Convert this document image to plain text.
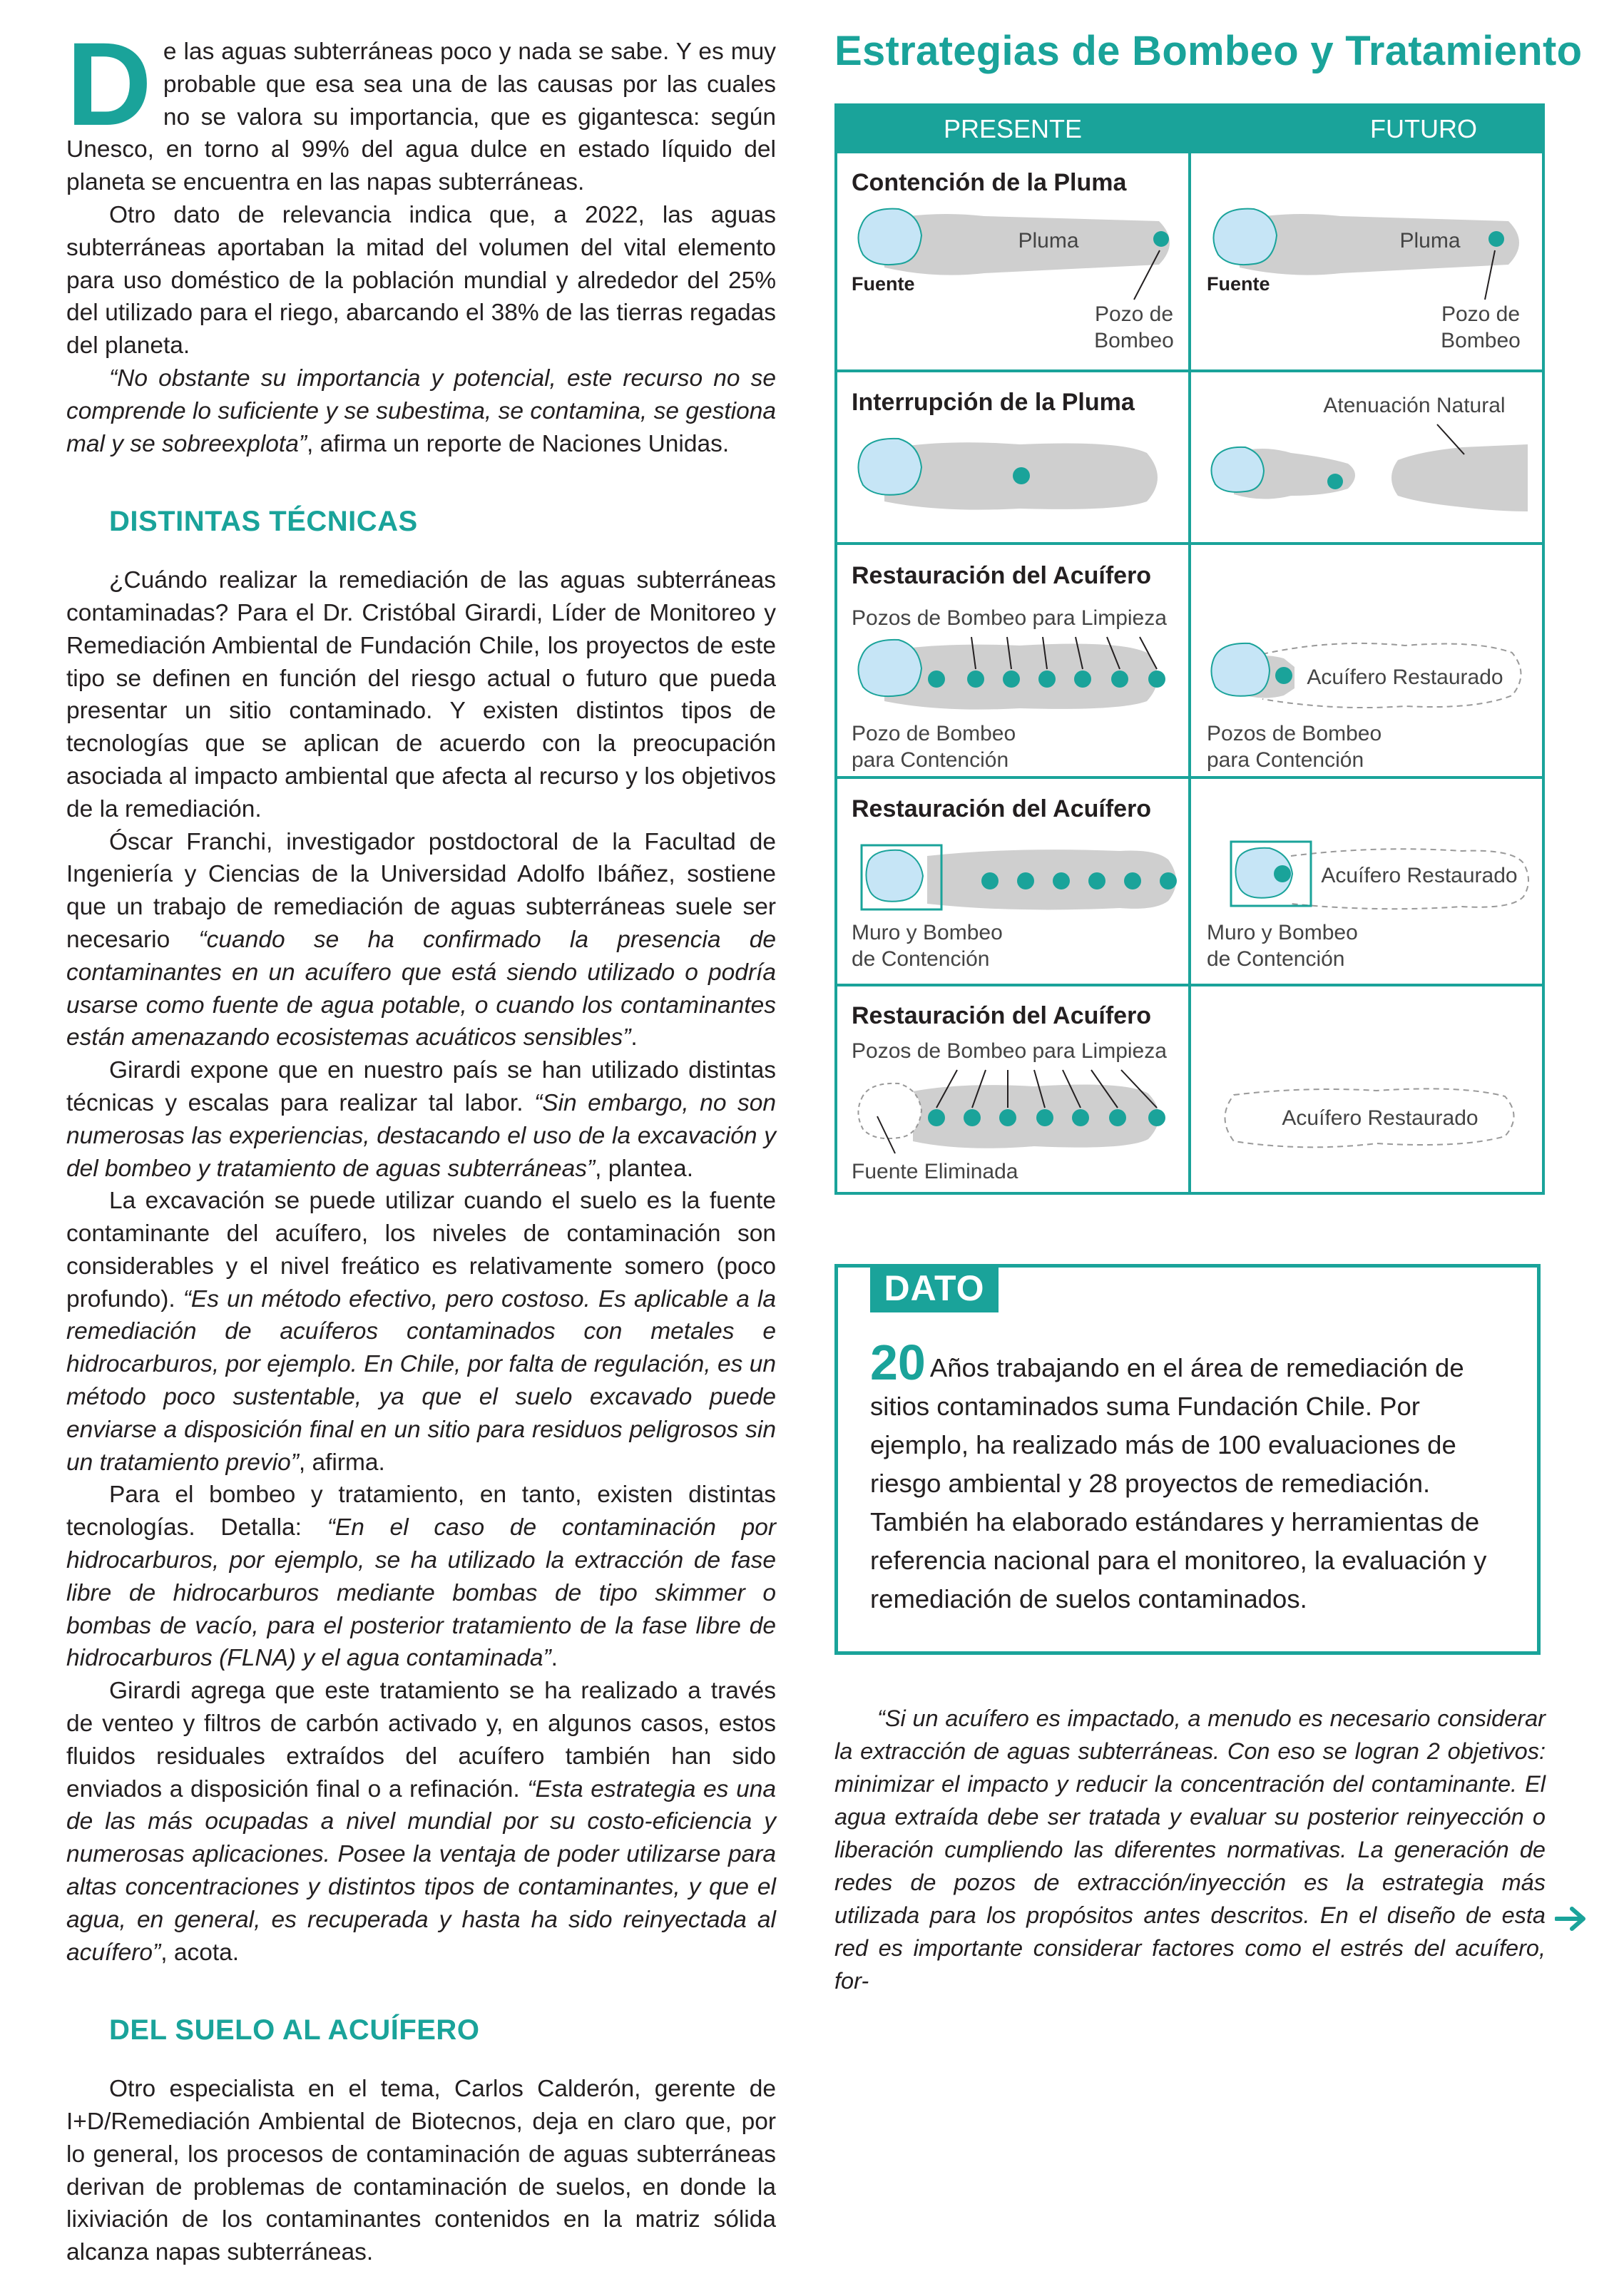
De las aguas subterráneas poco y nada se sabe. Y es muy probable que esa sea una de las causas por las cuales no se valora su importancia, que es gigantesca: según Unesco, en torno al 99% del agua dulce en estado líquido del planeta se encuentra en las napas subterráneas.

Otro dato de relevancia indica que, a 2022, las aguas subterráneas aportaban la mitad del volumen del vital elemento para uso doméstico de la población mundial y alrededor del 25% del utilizado para el riego, abarcando el 38% de las tierras regadas del planeta.

“No obstante su importancia y potencial, este recurso no se comprende lo suficiente y se subestima, se contamina, se gestiona mal y se sobreexplota”, afirma un reporte de Naciones Unidas.

DISTINTAS TÉCNICAS

¿Cuándo realizar la remediación de las aguas subterráneas contaminadas? Para el Dr. Cristóbal Girardi, Líder de Monitoreo y Remediación Ambiental de Fundación Chile, los proyectos de este tipo se definen en función del riesgo actual o futuro que pueda presentar un sitio contaminado. Y existen distintos tipos de tecnologías que se aplican de acuerdo con la preocupación asociada al impacto ambiental que afecta al recurso y los objetivos de la remediación.

Óscar Franchi, investigador postdoctoral de la Facultad de Ingeniería y Ciencias de la Universidad Adolfo Ibáñez, sostiene que un trabajo de remediación de aguas subterráneas suele ser necesario “cuando se ha confirmado la presencia de contaminantes en un acuífero que está siendo utilizado o podría usarse como fuente de agua potable, o cuando los contaminantes están amenazando ecosistemas acuáticos sensibles”.

Girardi expone que en nuestro país se han utilizado distintas técnicas y escalas para realizar tal labor. “Sin embargo, no son numerosas las experiencias, destacando el uso de la excavación y del bombeo y tratamiento de aguas subterráneas”, plantea.

La excavación se puede utilizar cuando el suelo es la fuente contaminante del acuífero, los niveles de contaminación son considerables y el nivel freático es relativamente somero (poco profundo). “Es un método efectivo, pero costoso. Es aplicable a la remediación de acuíferos contaminados con metales e hidrocarburos, por ejemplo. En Chile, por falta de regulación, es un método poco sustentable, ya que el suelo excavado puede enviarse a disposición final en un sitio para residuos peligrosos sin un tratamiento previo”, afirma.

Para el bombeo y tratamiento, en tanto, existen distintas tecnologías. Detalla: “En el caso de contaminación por hidrocarburos, por ejemplo, se ha utilizado la extracción de fase libre de hidrocarburos mediante bombas de tipo skimmer o bombas de vacío, para el posterior tratamiento de la fase libre de hidrocarburos (FLNA) y el agua contaminada”.

Girardi agrega que este tratamiento se ha realizado a través de venteo y filtros de carbón activado y, en algunos casos, estos fluidos residuales extraídos del acuífero también han sido enviados a disposición final o a refinación. “Esta estrategia es una de las más ocupadas a nivel mundial por su costo-eficiencia y numerosas aplicaciones. Posee la ventaja de poder utilizarse para altas concentraciones y distintos tipos de contaminantes, y que el agua, en general, es recuperada y hasta ha sido reinyectada al acuífero”, acota.

DEL SUELO AL ACUÍFERO

Otro especialista en el tema, Carlos Calderón, gerente de I+D/Remediación Ambiental de Biotecnos, deja en claro que, por lo general, los procesos de contaminación de aguas subterráneas derivan de problemas de contaminación de suelos, en donde la lixiviación de los contaminantes contenidos en la matriz sólida alcanza napas subterráneas.

Estrategias de Bombeo y Tratamiento
PRESENTE	FUTURO
Contención de la Pluma
Pluma
Fuente
Pozo de
Bombeo
Pluma
Fuente
Pozo de
Bombeo
Interrupción de la Pluma	Atenuación Natural
Restauración del Acuífero
Pozos de Bombeo para Limpieza
Pozo de Bombeo
para Contención
Acuífero Restaurado
Pozos de Bombeo
para Contención
Restauración del Acuífero
Muro y Bombeo
de Contención
Acuífero Restaurado
Muro y Bombeo
de Contención
Restauración del Acuífero
Pozos de Bombeo para Limpieza
Fuente Eliminada
Acuífero Restaurado
DATO
20 Años trabajando en el área de remediación de sitios contaminados suma Fundación Chile. Por ejemplo, ha realizado más de 100 evaluaciones de riesgo ambiental y 28 proyectos de remediación. También ha elaborado estándares y herramientas de referencia nacional para el monitoreo, la evaluación y remediación de suelos contaminados.

“Si un acuífero es impactado, a menudo es necesario considerar la extracción de aguas subterráneas. Con eso se logran 2 objetivos: minimizar el impacto y reducir la concentración del contaminante. El agua extraída debe ser tratada y evaluar su posterior reinyección o liberación cumpliendo las diferentes normativas. La generación de redes de pozos de extracción/inyección es la estrategia más utilizada para los propósitos antes descritos. En el diseño de esta red es importante considerar factores como el estrés del acuífero, for-
